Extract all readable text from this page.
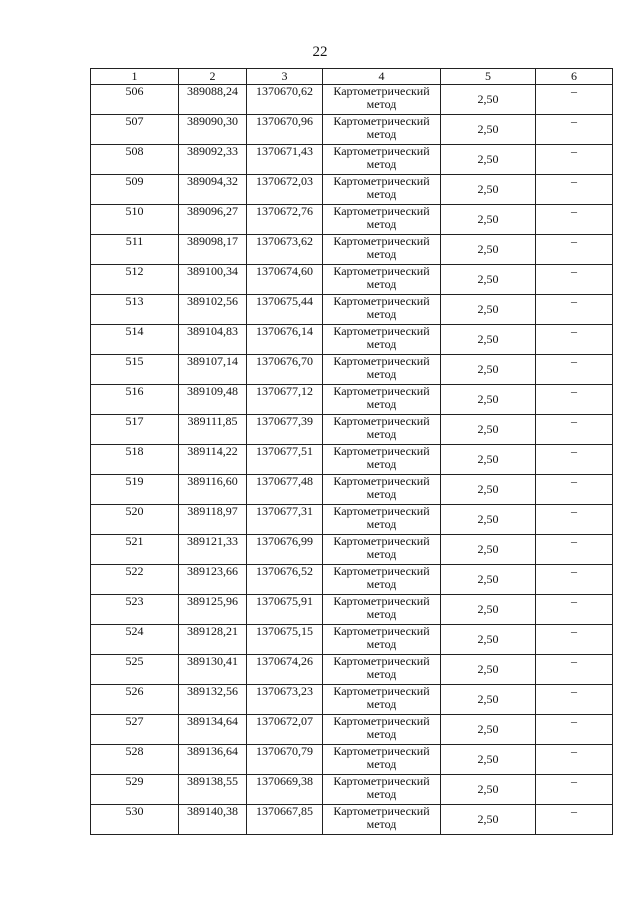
22
1	2	3	4	5	6
506	389088,24	1370670,62	Картометрический метод	2,50	–
507	389090,30	1370670,96	Картометрический метод	2,50	–
508	389092,33	1370671,43	Картометрический метод	2,50	–
509	389094,32	1370672,03	Картометрический метод	2,50	–
510	389096,27	1370672,76	Картометрический метод	2,50	–
511	389098,17	1370673,62	Картометрический метод	2,50	–
512	389100,34	1370674,60	Картометрический метод	2,50	–
513	389102,56	1370675,44	Картометрический метод	2,50	–
514	389104,83	1370676,14	Картометрический метод	2,50	–
515	389107,14	1370676,70	Картометрический метод	2,50	–
516	389109,48	1370677,12	Картометрический метод	2,50	–
517	389111,85	1370677,39	Картометрический метод	2,50	–
518	389114,22	1370677,51	Картометрический метод	2,50	–
519	389116,60	1370677,48	Картометрический метод	2,50	–
520	389118,97	1370677,31	Картометрический метод	2,50	–
521	389121,33	1370676,99	Картометрический метод	2,50	–
522	389123,66	1370676,52	Картометрический метод	2,50	–
523	389125,96	1370675,91	Картометрический метод	2,50	–
524	389128,21	1370675,15	Картометрический метод	2,50	–
525	389130,41	1370674,26	Картометрический метод	2,50	–
526	389132,56	1370673,23	Картометрический метод	2,50	–
527	389134,64	1370672,07	Картометрический метод	2,50	–
528	389136,64	1370670,79	Картометрический метод	2,50	–
529	389138,55	1370669,38	Картометрический метод	2,50	–
530	389140,38	1370667,85	Картометрический метод	2,50	–
